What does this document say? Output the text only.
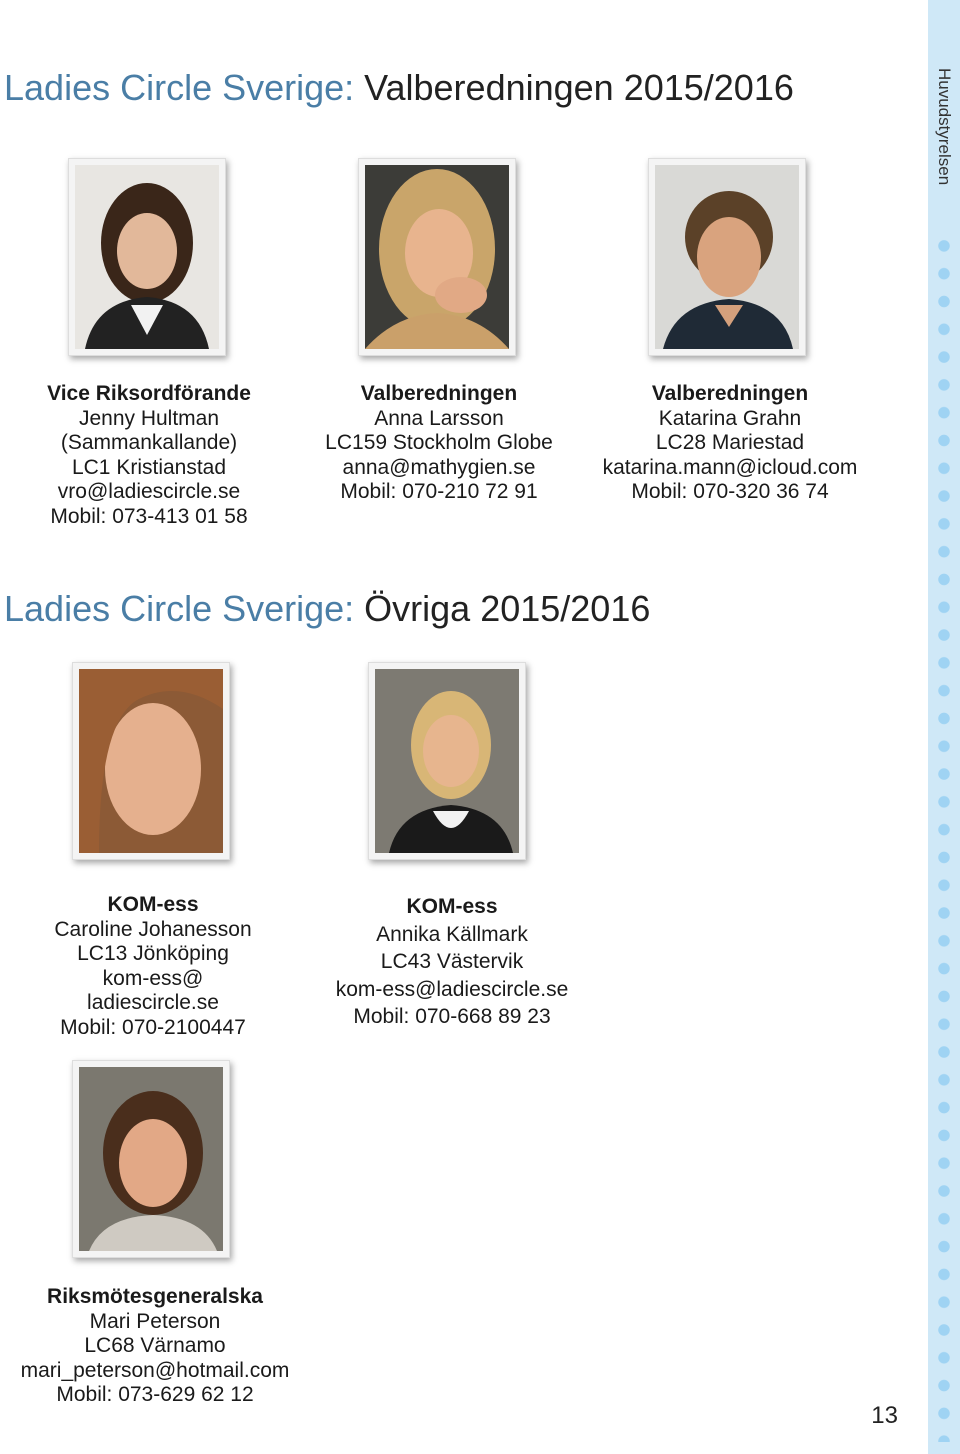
Huvudstyrelsen
Ladies Circle Sverige: Valberedningen 2015/2016
Vice Riksordförande
Jenny Hultman
(Sammankallande)
LC1 Kristianstad
vro@ladiescircle.se
Mobil: 073-413 01 58
Valberedningen
Anna Larsson
LC159 Stockholm Globe
anna@mathygien.se
Mobil: 070-210 72 91
Valberedningen
Katarina Grahn
LC28 Mariestad
katarina.mann@icloud.com
Mobil: 070-320 36 74
Ladies Circle Sverige: Övriga 2015/2016
KOM-ess
Caroline Johanesson
LC13 Jönköping
kom-ess@
ladiescircle.se
Mobil: 070-2100447
KOM-ess
Annika Källmark
LC43 Västervik
kom-ess@ladiescircle.se
Mobil: 070-668 89 23
Riksmötesgeneralska
Mari Peterson
LC68 Värnamo
mari_peterson@hotmail.com
Mobil: 073-629 62 12
13
